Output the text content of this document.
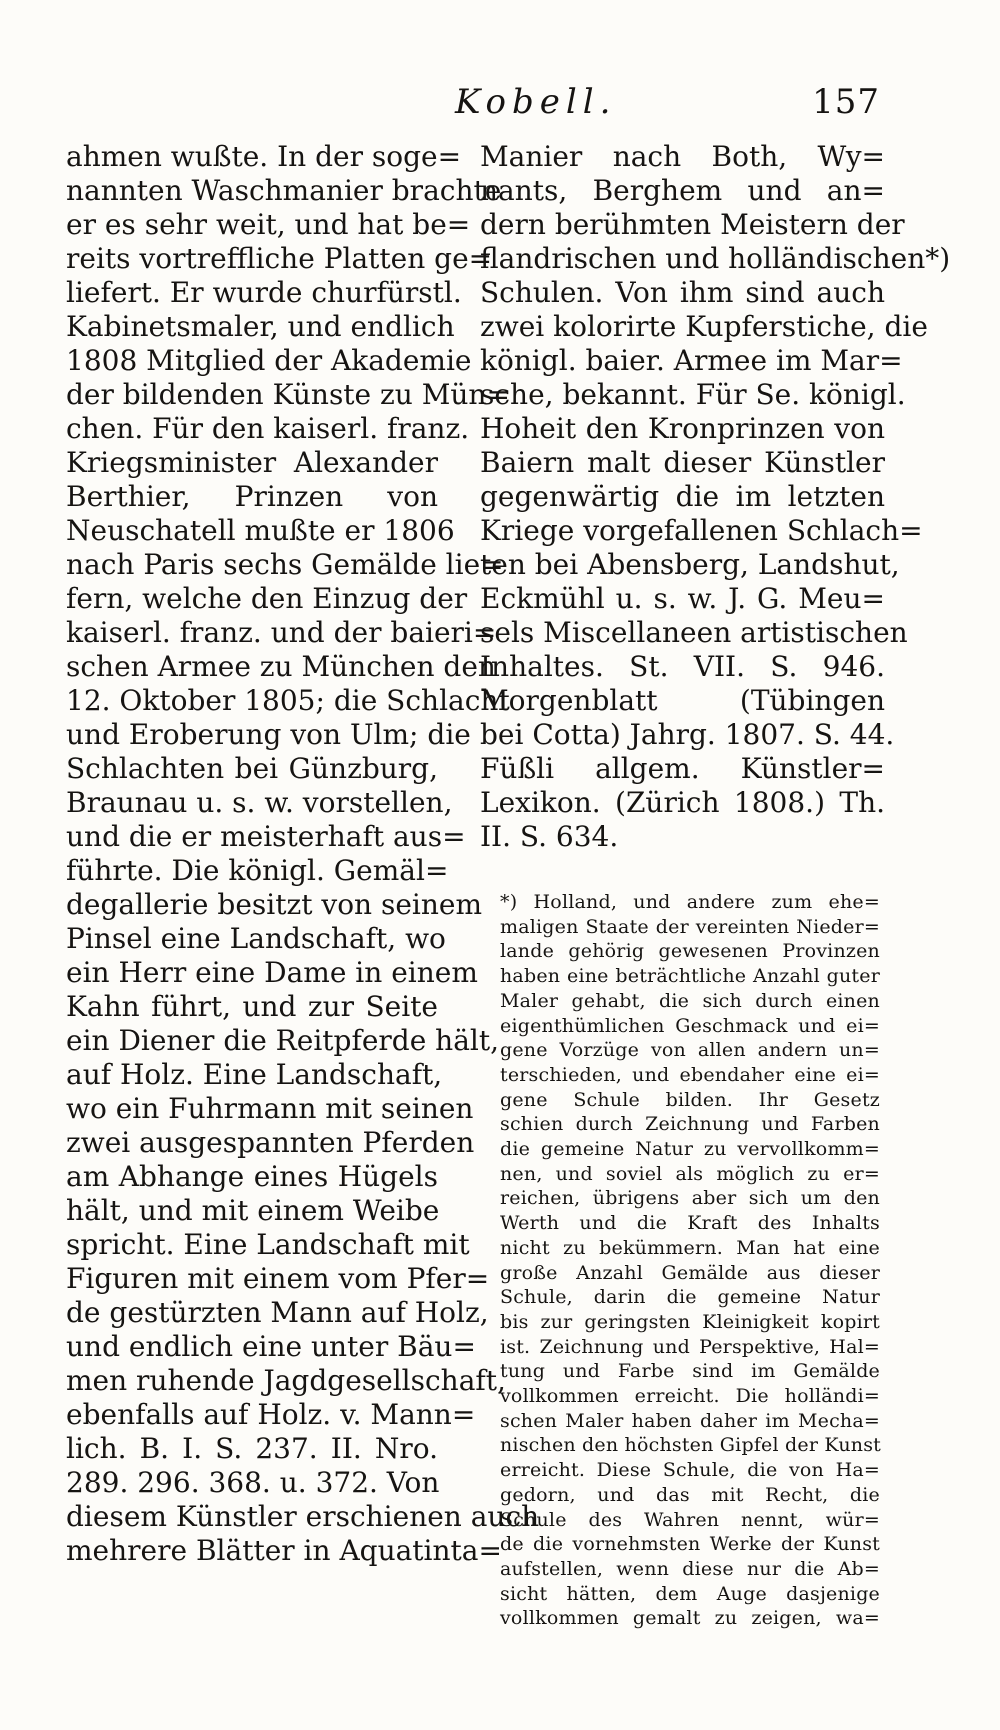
Kobell.	157
ahmen wußte. In der soge=
nannten Waschmanier brachte
er es sehr weit, und hat be=
reits vortreffliche Platten ge=
liefert. Er wurde churfürstl.
Kabinetsmaler, und endlich
1808 Mitglied der Akademie
der bildenden Künste zu Mün=
chen. Für den kaiserl. franz.
Kriegsminister Alexander
Berthier, Prinzen von
Neuschatell mußte er 1806
nach Paris sechs Gemälde lie=
fern, welche den Einzug der
kaiserl. franz. und der baieri=
schen Armee zu München den
12. Oktober 1805; die Schlacht
und Eroberung von Ulm; die
Schlachten bei Günzburg,
Braunau u. s. w. vorstellen,
und die er meisterhaft aus=
führte. Die königl. Gemäl=
degallerie besitzt von seinem
Pinsel eine Landschaft, wo
ein Herr eine Dame in einem
Kahn führt, und zur Seite
ein Diener die Reitpferde hält,
auf Holz. Eine Landschaft,
wo ein Fuhrmann mit seinen
zwei ausgespannten Pferden
am Abhange eines Hügels
hält, und mit einem Weibe
spricht. Eine Landschaft mit
Figuren mit einem vom Pfer=
de gestürzten Mann auf Holz,
und endlich eine unter Bäu=
men ruhende Jagdgesellschaft,
ebenfalls auf Holz. v. Mann=
lich. B. I. S. 237. II. Nro.
289. 296. 368. u. 372. Von
diesem Künstler erschienen auch
mehrere Blätter in Aquatinta=
Manier nach Both, Wy=
nants, Berghem und an=
dern berühmten Meistern der
flandrischen und holländischen*)
Schulen. Von ihm sind auch
zwei kolorirte Kupferstiche, die
königl. baier. Armee im Mar=
sche, bekannt. Für Se. königl.
Hoheit den Kronprinzen von
Baiern malt dieser Künstler
gegenwärtig die im letzten
Kriege vorgefallenen Schlach=
ten bei Abensberg, Landshut,
Eckmühl u. s. w. J. G. Meu=
sels Miscellaneen artistischen
Inhaltes. St. VII. S. 946.
Morgenblatt (Tübingen
bei Cotta) Jahrg. 1807. S. 44.
Füßli allgem. Künstler=
Lexikon. (Zürich 1808.) Th.
II. S. 634.
*) Holland, und andere zum ehe=
maligen Staate der vereinten Nieder=
lande gehörig gewesenen Provinzen
haben eine beträchtliche Anzahl guter
Maler gehabt, die sich durch einen
eigenthümlichen Geschmack und ei=
gene Vorzüge von allen andern un=
terschieden, und ebendaher eine ei=
gene Schule bilden. Ihr Gesetz
schien durch Zeichnung und Farben
die gemeine Natur zu vervollkomm=
nen, und soviel als möglich zu er=
reichen, übrigens aber sich um den
Werth und die Kraft des Inhalts
nicht zu bekümmern. Man hat eine
große Anzahl Gemälde aus dieser
Schule, darin die gemeine Natur
bis zur geringsten Kleinigkeit kopirt
ist. Zeichnung und Perspektive, Hal=
tung und Farbe sind im Gemälde
vollkommen erreicht. Die holländi=
schen Maler haben daher im Mecha=
nischen den höchsten Gipfel der Kunst
erreicht. Diese Schule, die von Ha=
gedorn, und das mit Recht, die
Schule des Wahren nennt, wür=
de die vornehmsten Werke der Kunst
aufstellen, wenn diese nur die Ab=
sicht hätten, dem Auge dasjenige
vollkommen gemalt zu zeigen, wa=
